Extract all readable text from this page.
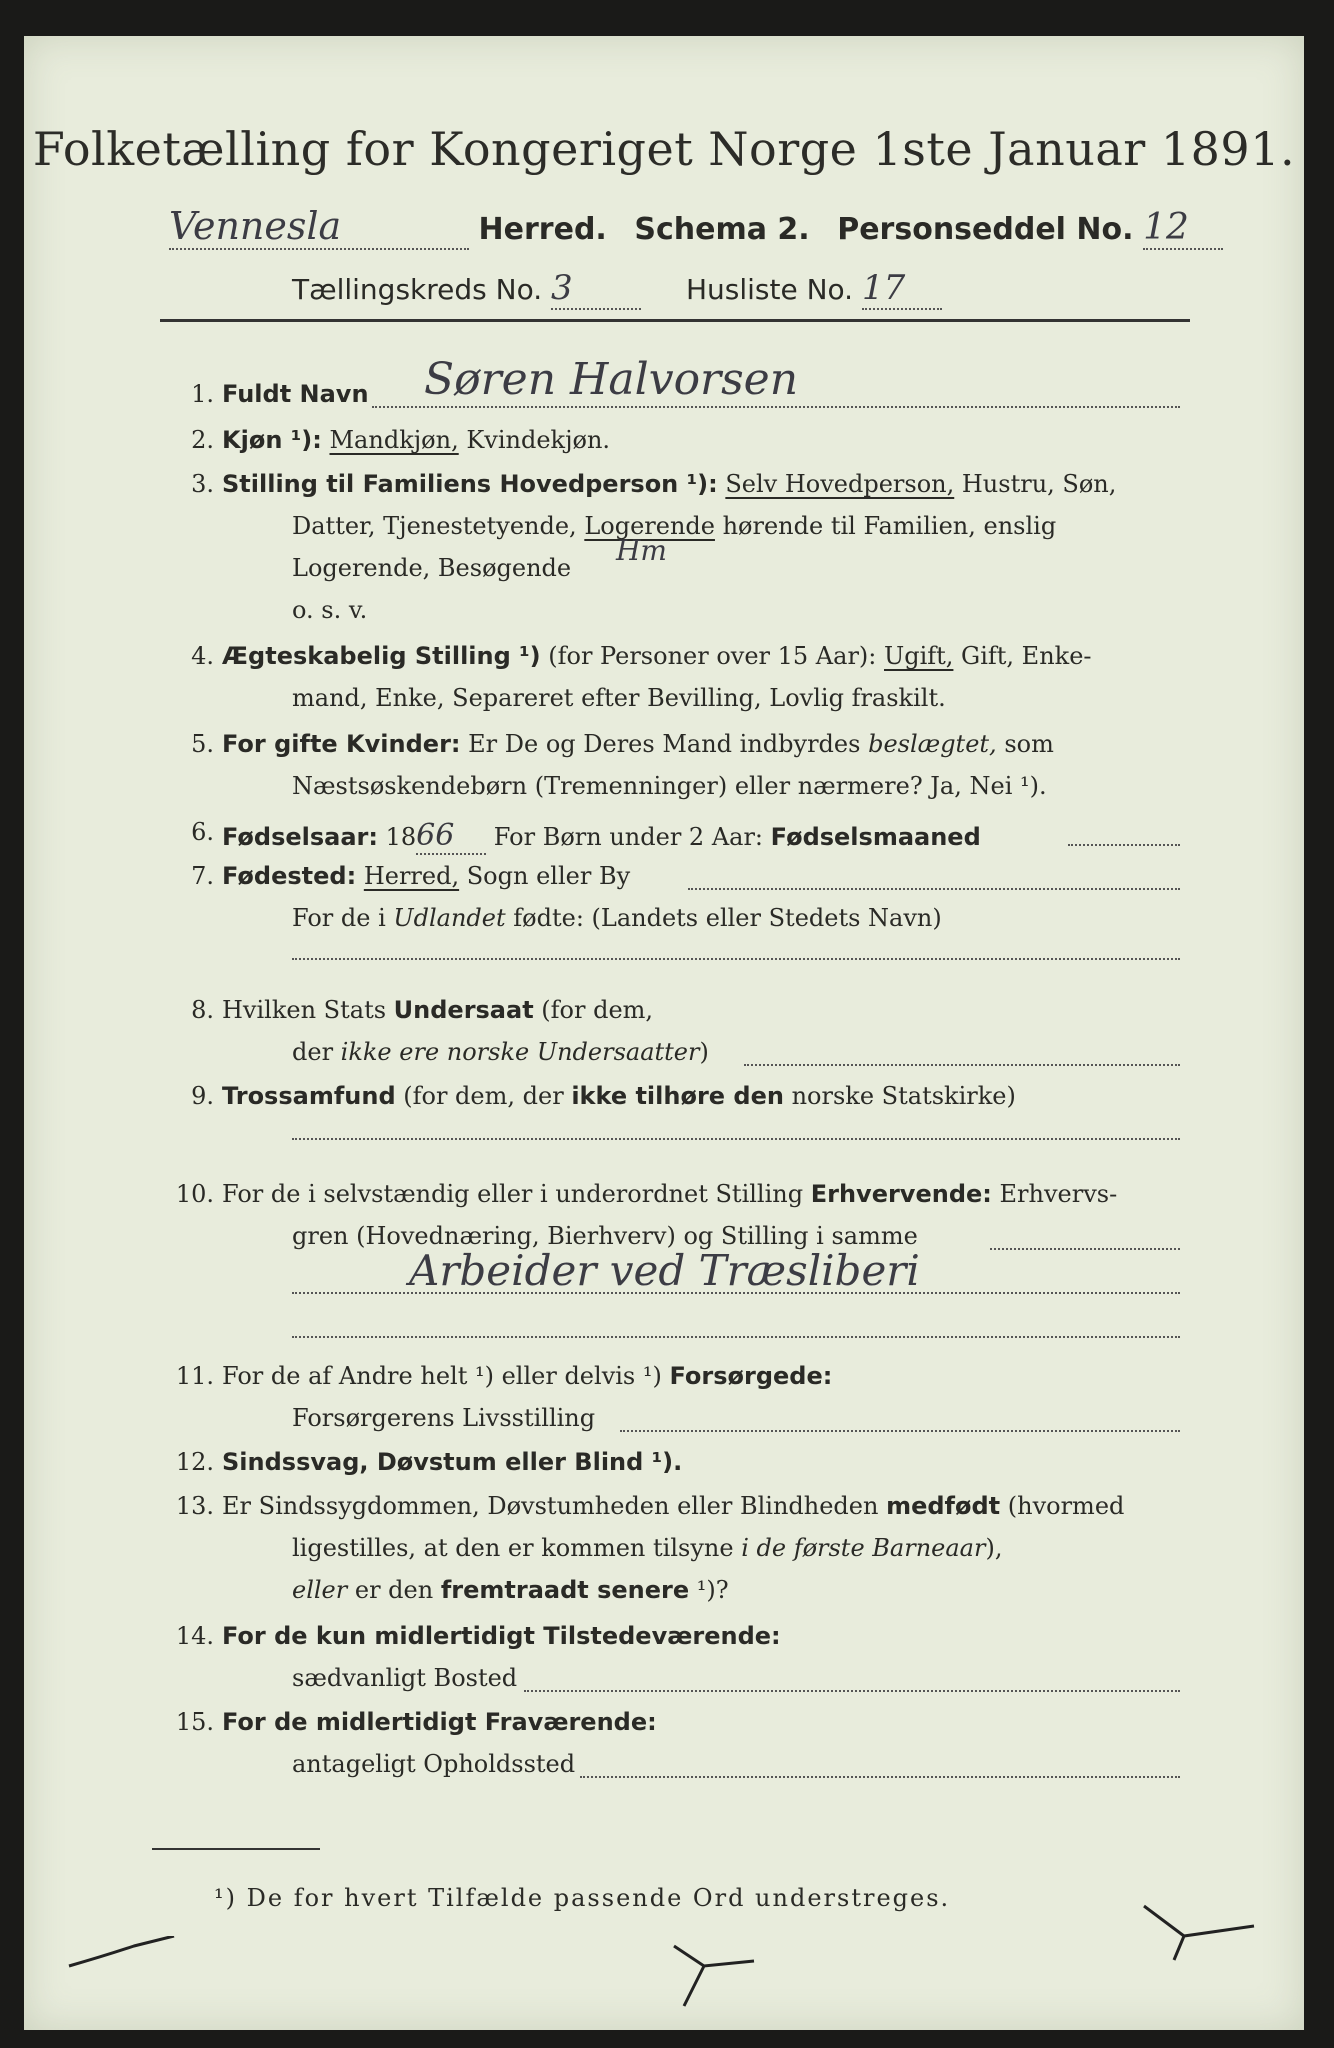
Folketælling for Kongeriget Norge 1ste Januar 1891.
Vennesla	Herred. Schema 2. Personseddel No. 12
Tællingskreds No. 3	Husliste No. 17
1. Fuldt Navn Søren Halvorsen
2. Kjøn ¹): Mandkjøn, Kvindekjøn.
3. Stilling til Familiens Hovedperson ¹): Selv Hovedperson, Hustru, Søn,
Datter, Tjenestetyende, Logerende hørende til Familien, enslig
Hm
Logerende, Besøgende
o. s. v.
4. Ægteskabelig Stilling ¹) (for Personer over 15 Aar): Ugift, Gift, Enke-
mand, Enke, Separeret efter Bevilling, Lovlig fraskilt.
5. For gifte Kvinder: Er De og Deres Mand indbyrdes beslægtet, som
Næstsøskendebørn (Tremenninger) eller nærmere? Ja, Nei ¹).
6. Fødselsaar: 1866 For Børn under 2 Aar: Fødselsmaaned
7. Fødested: Herred, Sogn eller By
For de i Udlandet fødte: (Landets eller Stedets Navn)
8. Hvilken Stats Undersaat (for dem,
der ikke ere norske Undersaatter)
9. Trossamfund (for dem, der ikke tilhøre den norske Statskirke)
10. For de i selvstændig eller i underordnet Stilling Erhvervende: Erhvervs-
gren (Hovednæring, Bierhverv) og Stilling i samme
Arbeider ved Træsliberi
11. For de af Andre helt ¹) eller delvis ¹) Forsørgede:
Forsørgerens Livsstilling
12. Sindssvag, Døvstum eller Blind ¹).
13. Er Sindssygdommen, Døvstumheden eller Blindheden medfødt (hvormed
ligestilles, at den er kommen tilsyne i de første Barneaar),
eller er den fremtraadt senere ¹)?
14. For de kun midlertidigt Tilstedeværende:
sædvanligt Bosted
15. For de midlertidigt Fraværende:
antageligt Opholdssted
¹) De for hvert Tilfælde passende Ord understreges.
